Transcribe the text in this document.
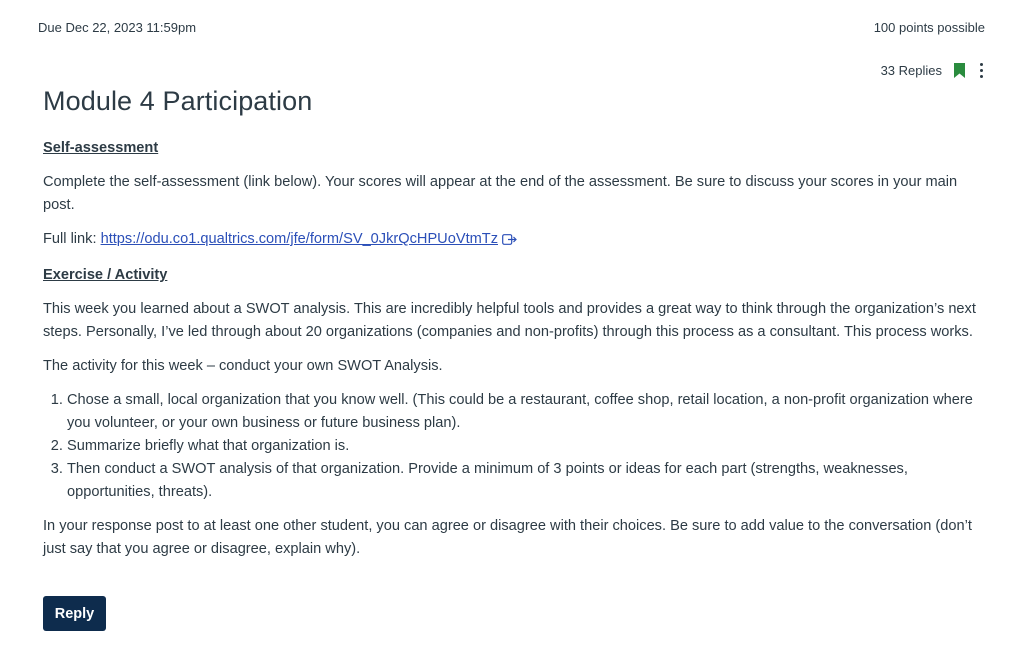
Due Dec 22, 2023 11:59pm	100 points possible
33 Replies
Module 4 Participation
Self-assessment

Complete the self-assessment (link below). Your scores will appear at the end of the assessment. Be sure to discuss your scores in your main post.

Full link: https://odu.co1.qualtrics.com/jfe/form/SV_0JkrQcHPUoVtmTz

Exercise / Activity

This week you learned about a SWOT analysis. This are incredibly helpful tools and provides a great way to think through the organization’s next steps. Personally, I’ve led through about 20 organizations (companies and non-profits) through this process as a consultant. This process works.

The activity for this week – conduct your own SWOT Analysis.

1. Chose a small, local organization that you know well. (This could be a restaurant, coffee shop, retail location, a non-profit organization where you volunteer, or your own business or future business plan).
2. Summarize briefly what that organization is.
3. Then conduct a SWOT analysis of that organization. Provide a minimum of 3 points or ideas for each part (strengths, weaknesses, opportunities, threats).

In your response post to at least one other student, you can agree or disagree with their choices. Be sure to add value to the conversation (don’t just say that you agree or disagree, explain why).

Reply
